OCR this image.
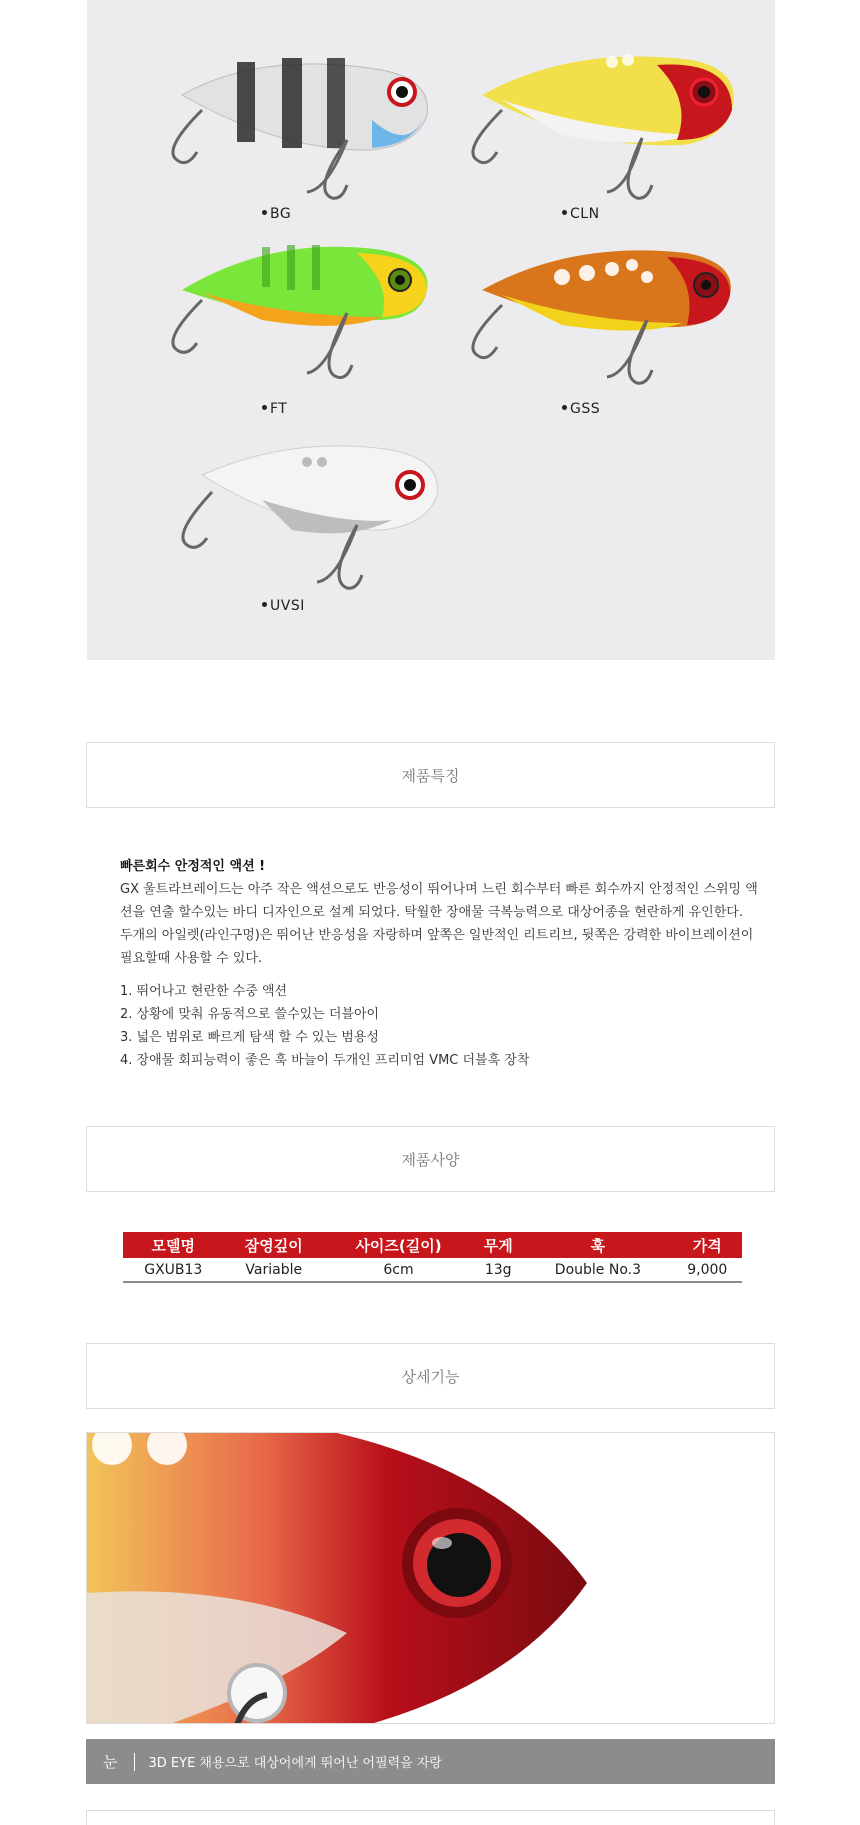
BG	CLN
FT	GSS
UVSI
제품특징

빠른회수 안정적인 액션 !

GX 울트라브레이드는 아주 작은 액션으로도 반응성이 뛰어나며 느린 회수부터 빠른 회수까지 안정적인 스위밍 액션을 연출 할수있는 바디 디자인으로 설계 되었다. 탁월한 장애물 극복능력으로 대상어종을 현란하게 유인한다.

두개의 아일렛(라인구멍)은 뛰어난 반응성을 자랑하며 앞쪽은 일반적인 리트리브, 뒷쪽은 강력한 바이브레이션이 필요할때 사용할 수 있다.

1. 뛰어나고 현란한 수중 액션
2. 상황에 맞춰 유동적으로 쓸수있는 더블아이
3. 넓은 범위로 빠르게 탐색 할 수 있는 범용성
4. 장애물 회피능력이 좋은 훅 바늘이 두개인 프리미엄 VMC 더블훅 장착
제품사양
모델명	잠영깊이	사이즈(길이)	무게	훅	가격
GXUB13	Variable	6cm	13g	Double No.3	9,000
상세기능
눈 3D EYE 채용으로 대상어에게 뛰어난 어필력을 자랑
